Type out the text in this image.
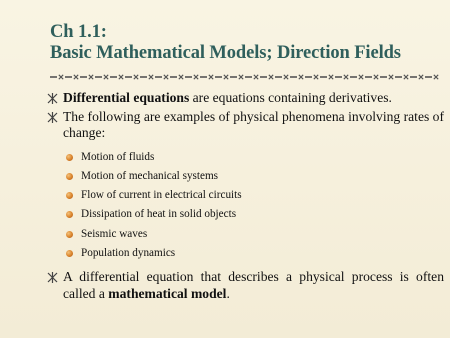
Ch 1.1:
Basic Mathematical Models; Direction Fields
Differential equations are equations containing derivatives.
The following are examples of physical phenomena involving rates of change:
Motion of fluids
Motion of mechanical systems
Flow of current in electrical circuits
Dissipation of heat in solid objects
Seismic waves
Population dynamics
A differential equation that describes a physical process is often called a mathematical model.
